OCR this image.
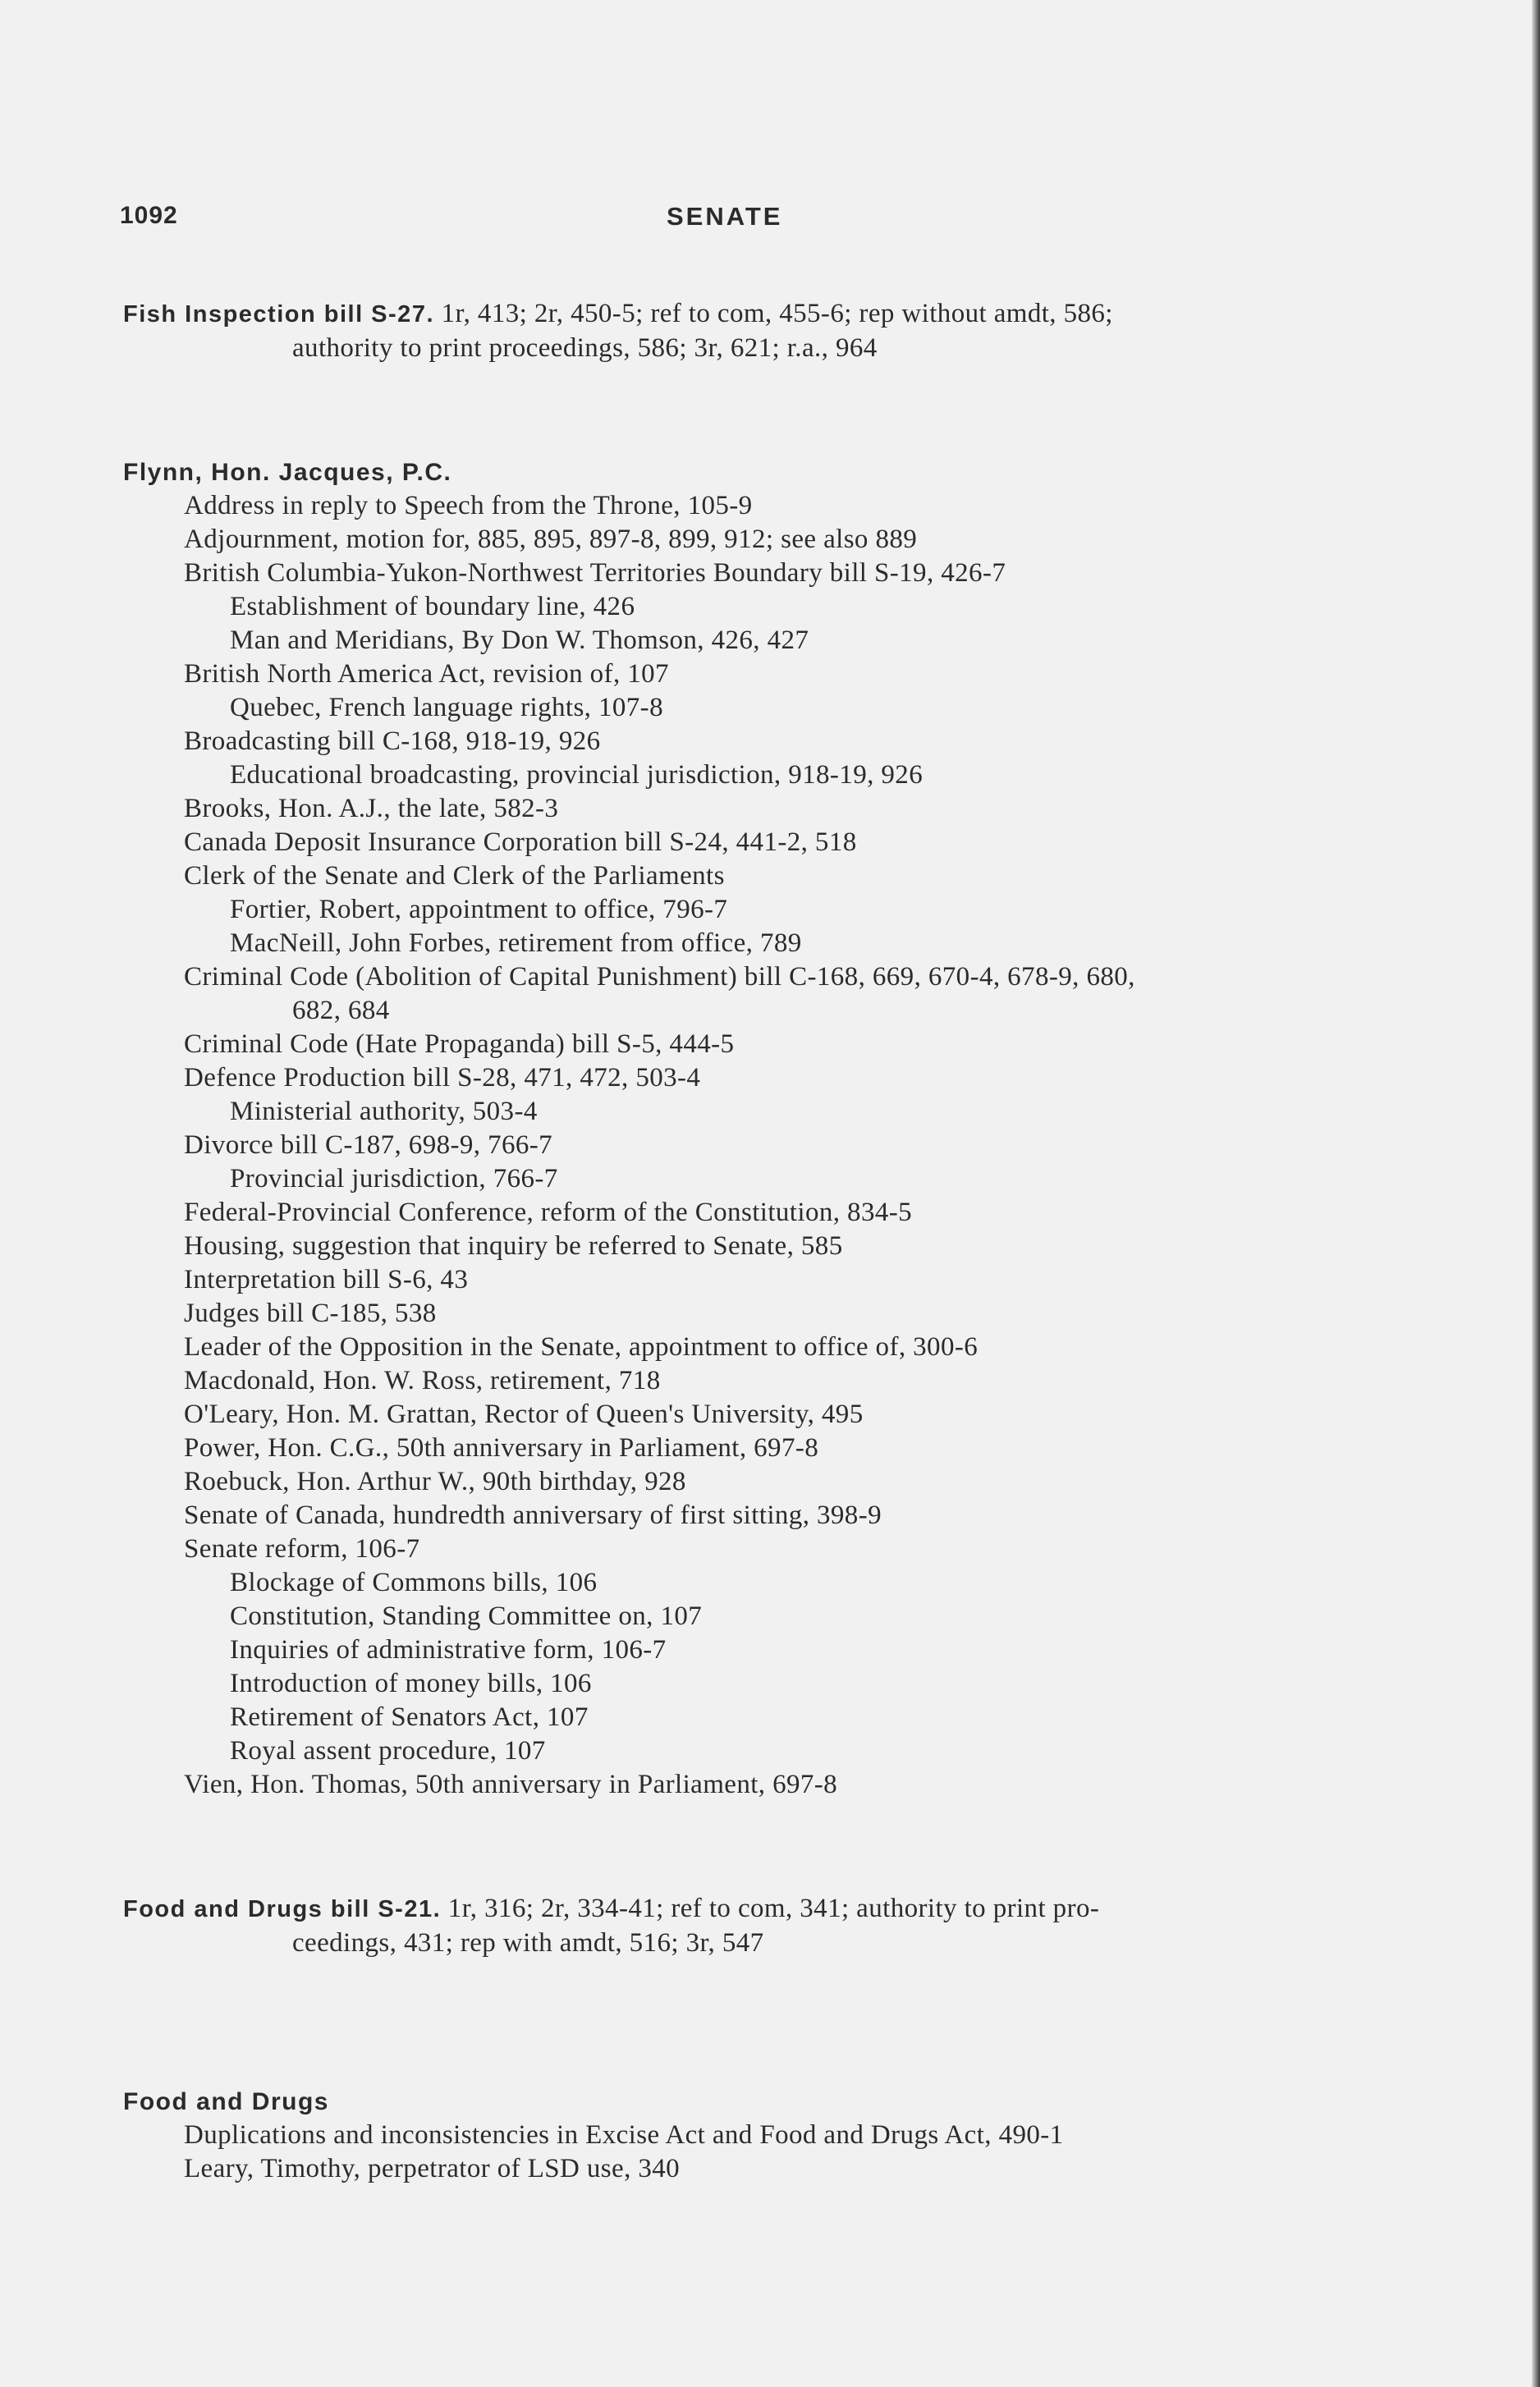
1092	SENATE
Fish Inspection bill S-27. 1r, 413; 2r, 450-5; ref to com, 455-6; rep without amdt, 586;
authority to print proceedings, 586; 3r, 621; r.a., 964
Flynn, Hon. Jacques, P.C.
Address in reply to Speech from the Throne, 105-9
Adjournment, motion for, 885, 895, 897-8, 899, 912; see also 889
British Columbia-Yukon-Northwest Territories Boundary bill S-19, 426-7
Establishment of boundary line, 426
Man and Meridians, By Don W. Thomson, 426, 427
British North America Act, revision of, 107
Quebec, French language rights, 107-8
Broadcasting bill C-168, 918-19, 926
Educational broadcasting, provincial jurisdiction, 918-19, 926
Brooks, Hon. A.J., the late, 582-3
Canada Deposit Insurance Corporation bill S-24, 441-2, 518
Clerk of the Senate and Clerk of the Parliaments
Fortier, Robert, appointment to office, 796-7
MacNeill, John Forbes, retirement from office, 789
Criminal Code (Abolition of Capital Punishment) bill C-168, 669, 670-4, 678-9, 680,
682, 684
Criminal Code (Hate Propaganda) bill S-5, 444-5
Defence Production bill S-28, 471, 472, 503-4
Ministerial authority, 503-4
Divorce bill C-187, 698-9, 766-7
Provincial jurisdiction, 766-7
Federal-Provincial Conference, reform of the Constitution, 834-5
Housing, suggestion that inquiry be referred to Senate, 585
Interpretation bill S-6, 43
Judges bill C-185, 538
Leader of the Opposition in the Senate, appointment to office of, 300-6
Macdonald, Hon. W. Ross, retirement, 718
O'Leary, Hon. M. Grattan, Rector of Queen's University, 495
Power, Hon. C.G., 50th anniversary in Parliament, 697-8
Roebuck, Hon. Arthur W., 90th birthday, 928
Senate of Canada, hundredth anniversary of first sitting, 398-9
Senate reform, 106-7
Blockage of Commons bills, 106
Constitution, Standing Committee on, 107
Inquiries of administrative form, 106-7
Introduction of money bills, 106
Retirement of Senators Act, 107
Royal assent procedure, 107
Vien, Hon. Thomas, 50th anniversary in Parliament, 697-8
Food and Drugs bill S-21. 1r, 316; 2r, 334-41; ref to com, 341; authority to print pro-
ceedings, 431; rep with amdt, 516; 3r, 547
Food and Drugs
Duplications and inconsistencies in Excise Act and Food and Drugs Act, 490-1
Leary, Timothy, perpetrator of LSD use, 340
